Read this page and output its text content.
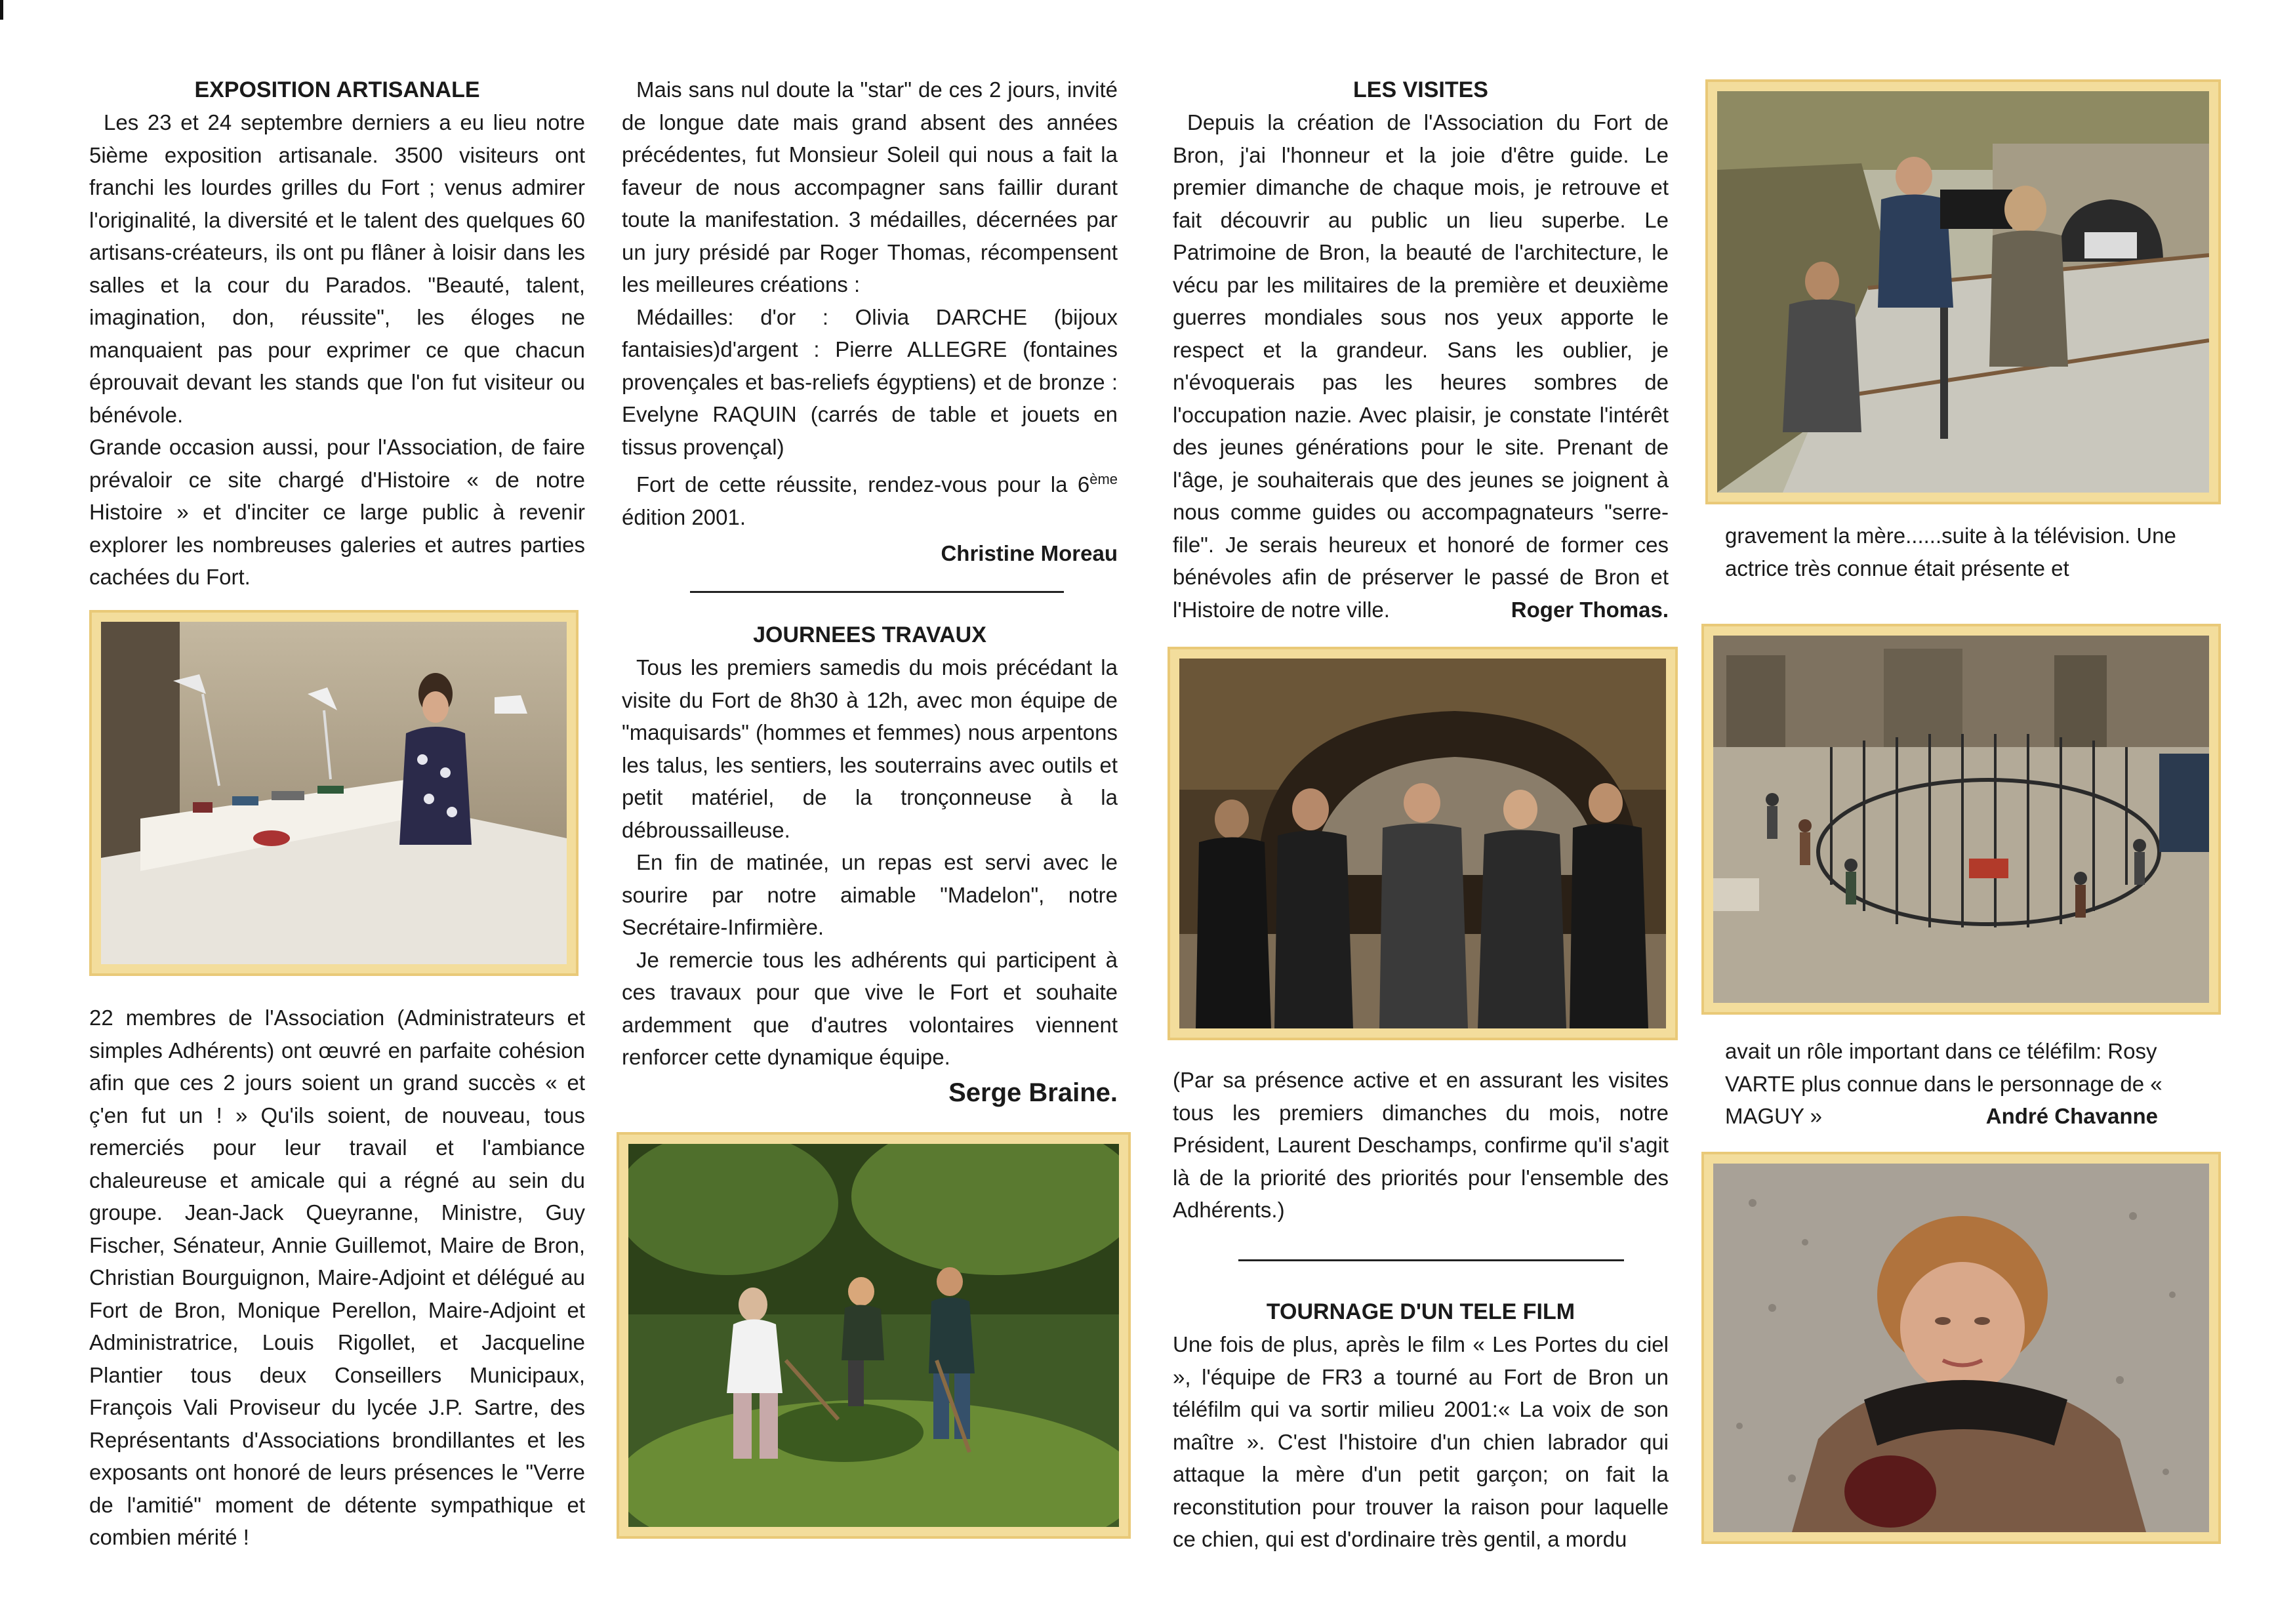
EXPOSITION ARTISANALE

Les 23 et 24 septembre derniers a eu lieu notre 5ième exposition artisanale. 3500 visiteurs ont franchi les lourdes grilles du Fort ; venus admirer l'originalité, la diversité et le talent des quelques 60 artisans-créateurs, ils ont pu flâner à loisir dans les salles et la cour du Parados. "Beauté, talent, imagination, don, réussite", les éloges ne manquaient pas pour exprimer ce que chacun éprouvait devant les stands que l'on fut visiteur ou bénévole.

Grande occasion aussi, pour l'Association, de faire prévaloir ce site chargé d'Histoire « de notre Histoire » et d'inciter ce large public à revenir explorer les nombreuses galeries et autres parties cachées du Fort.

22 membres de l'Association (Administrateurs et simples Adhérents) ont œuvré en parfaite cohésion afin que ces 2 jours soient un grand succès « et ç'en fut un ! » Qu'ils soient, de nouveau, tous remerciés pour leur travail et l'ambiance chaleureuse et amicale qui a régné au sein du groupe. Jean-Jack Queyranne, Ministre, Guy Fischer, Sénateur, Annie Guillemot, Maire de Bron, Christian Bourguignon, Maire-Adjoint et délégué au Fort de Bron, Monique Perellon, Maire-Adjoint et Administratrice, Louis Rigollet, et Jacqueline Plantier tous deux Conseillers Municipaux, François Vali Proviseur du lycée J.P. Sartre, des Représentants d'Associations brondillantes et les exposants ont honoré de leurs présences le "Verre de l'amitié" moment de détente sympathique et combien mérité !

Mais sans nul doute la "star" de ces 2 jours, invité de longue date mais grand absent des années précédentes, fut Monsieur Soleil qui nous a fait la faveur de nous accompagner sans faillir durant toute la manifestation. 3 médailles, décernées par un jury présidé par Roger Thomas, récompensent les meilleures créations :

Médailles: d'or : Olivia DARCHE (bijoux fantaisies)d'argent : Pierre ALLEGRE (fontaines provençales et bas-reliefs égyptiens) et de bronze : Evelyne RAQUIN (carrés de table et jouets en tissus provençal)

Fort de cette réussite, rendez-vous pour la 6ème édition 2001.

Christine Moreau

JOURNEES TRAVAUX

Tous les premiers samedis du mois précédant la visite du Fort de 8h30 à 12h, avec mon équipe de "maquisards" (hommes et femmes) nous arpentons les talus, les sentiers, les souterrains avec outils et petit matériel, de la tronçonneuse à la débroussailleuse.

En fin de matinée, un repas est servi avec le sourire par notre aimable "Madelon", notre Secrétaire-Infirmière.

Je remercie tous les adhérents qui participent à ces travaux pour que vive le Fort et souhaite ardemment que d'autres volontaires viennent renforcer cette dynamique équipe.

Serge Braine.

LES VISITES

Depuis la création de l'Association du Fort de Bron, j'ai l'honneur et la joie d'être guide. Le premier dimanche de chaque mois, je retrouve et fait découvrir au public un lieu superbe. Le Patrimoine de Bron, la beauté de l'architecture, le vécu par les militaires de la première et deuxième guerres mondiales sous nos yeux apporte le respect et la grandeur. Sans les oublier, je n'évoquerais pas les heures sombres de l'occupation nazie. Avec plaisir, je constate l'intérêt des jeunes générations pour le site. Prenant de l'âge, je souhaiterais que des jeunes se joignent à nous comme guides ou accompagnateurs "serre-file". Je serais heureux et honoré de former ces bénévoles afin de préserver le passé de Bron et l'Histoire de notre ville.	Roger Thomas.

(Par sa présence active et en assurant les visites tous les premiers dimanches du mois, notre Président, Laurent Deschamps, confirme qu'il s'agit là de la priorité des priorités pour l'ensemble des Adhérents.)

TOURNAGE D'UN TELE FILM

Une fois de plus, après le film « Les Portes du ciel », l'équipe de FR3 a tourné au Fort de Bron un téléfilm qui va sortir milieu 2001:« La voix de son maître ». C'est l'histoire d'un chien labrador qui attaque la mère d'un petit garçon; on fait la reconstitution pour trouver la raison pour laquelle ce chien, qui est d'ordinaire très gentil, a mordu

gravement la mère......suite à la télévision. Une actrice très connue était présente et

avait un rôle important dans ce téléfilm: Rosy VARTE plus connue dans le personnage de « MAGUY »	André Chavanne
